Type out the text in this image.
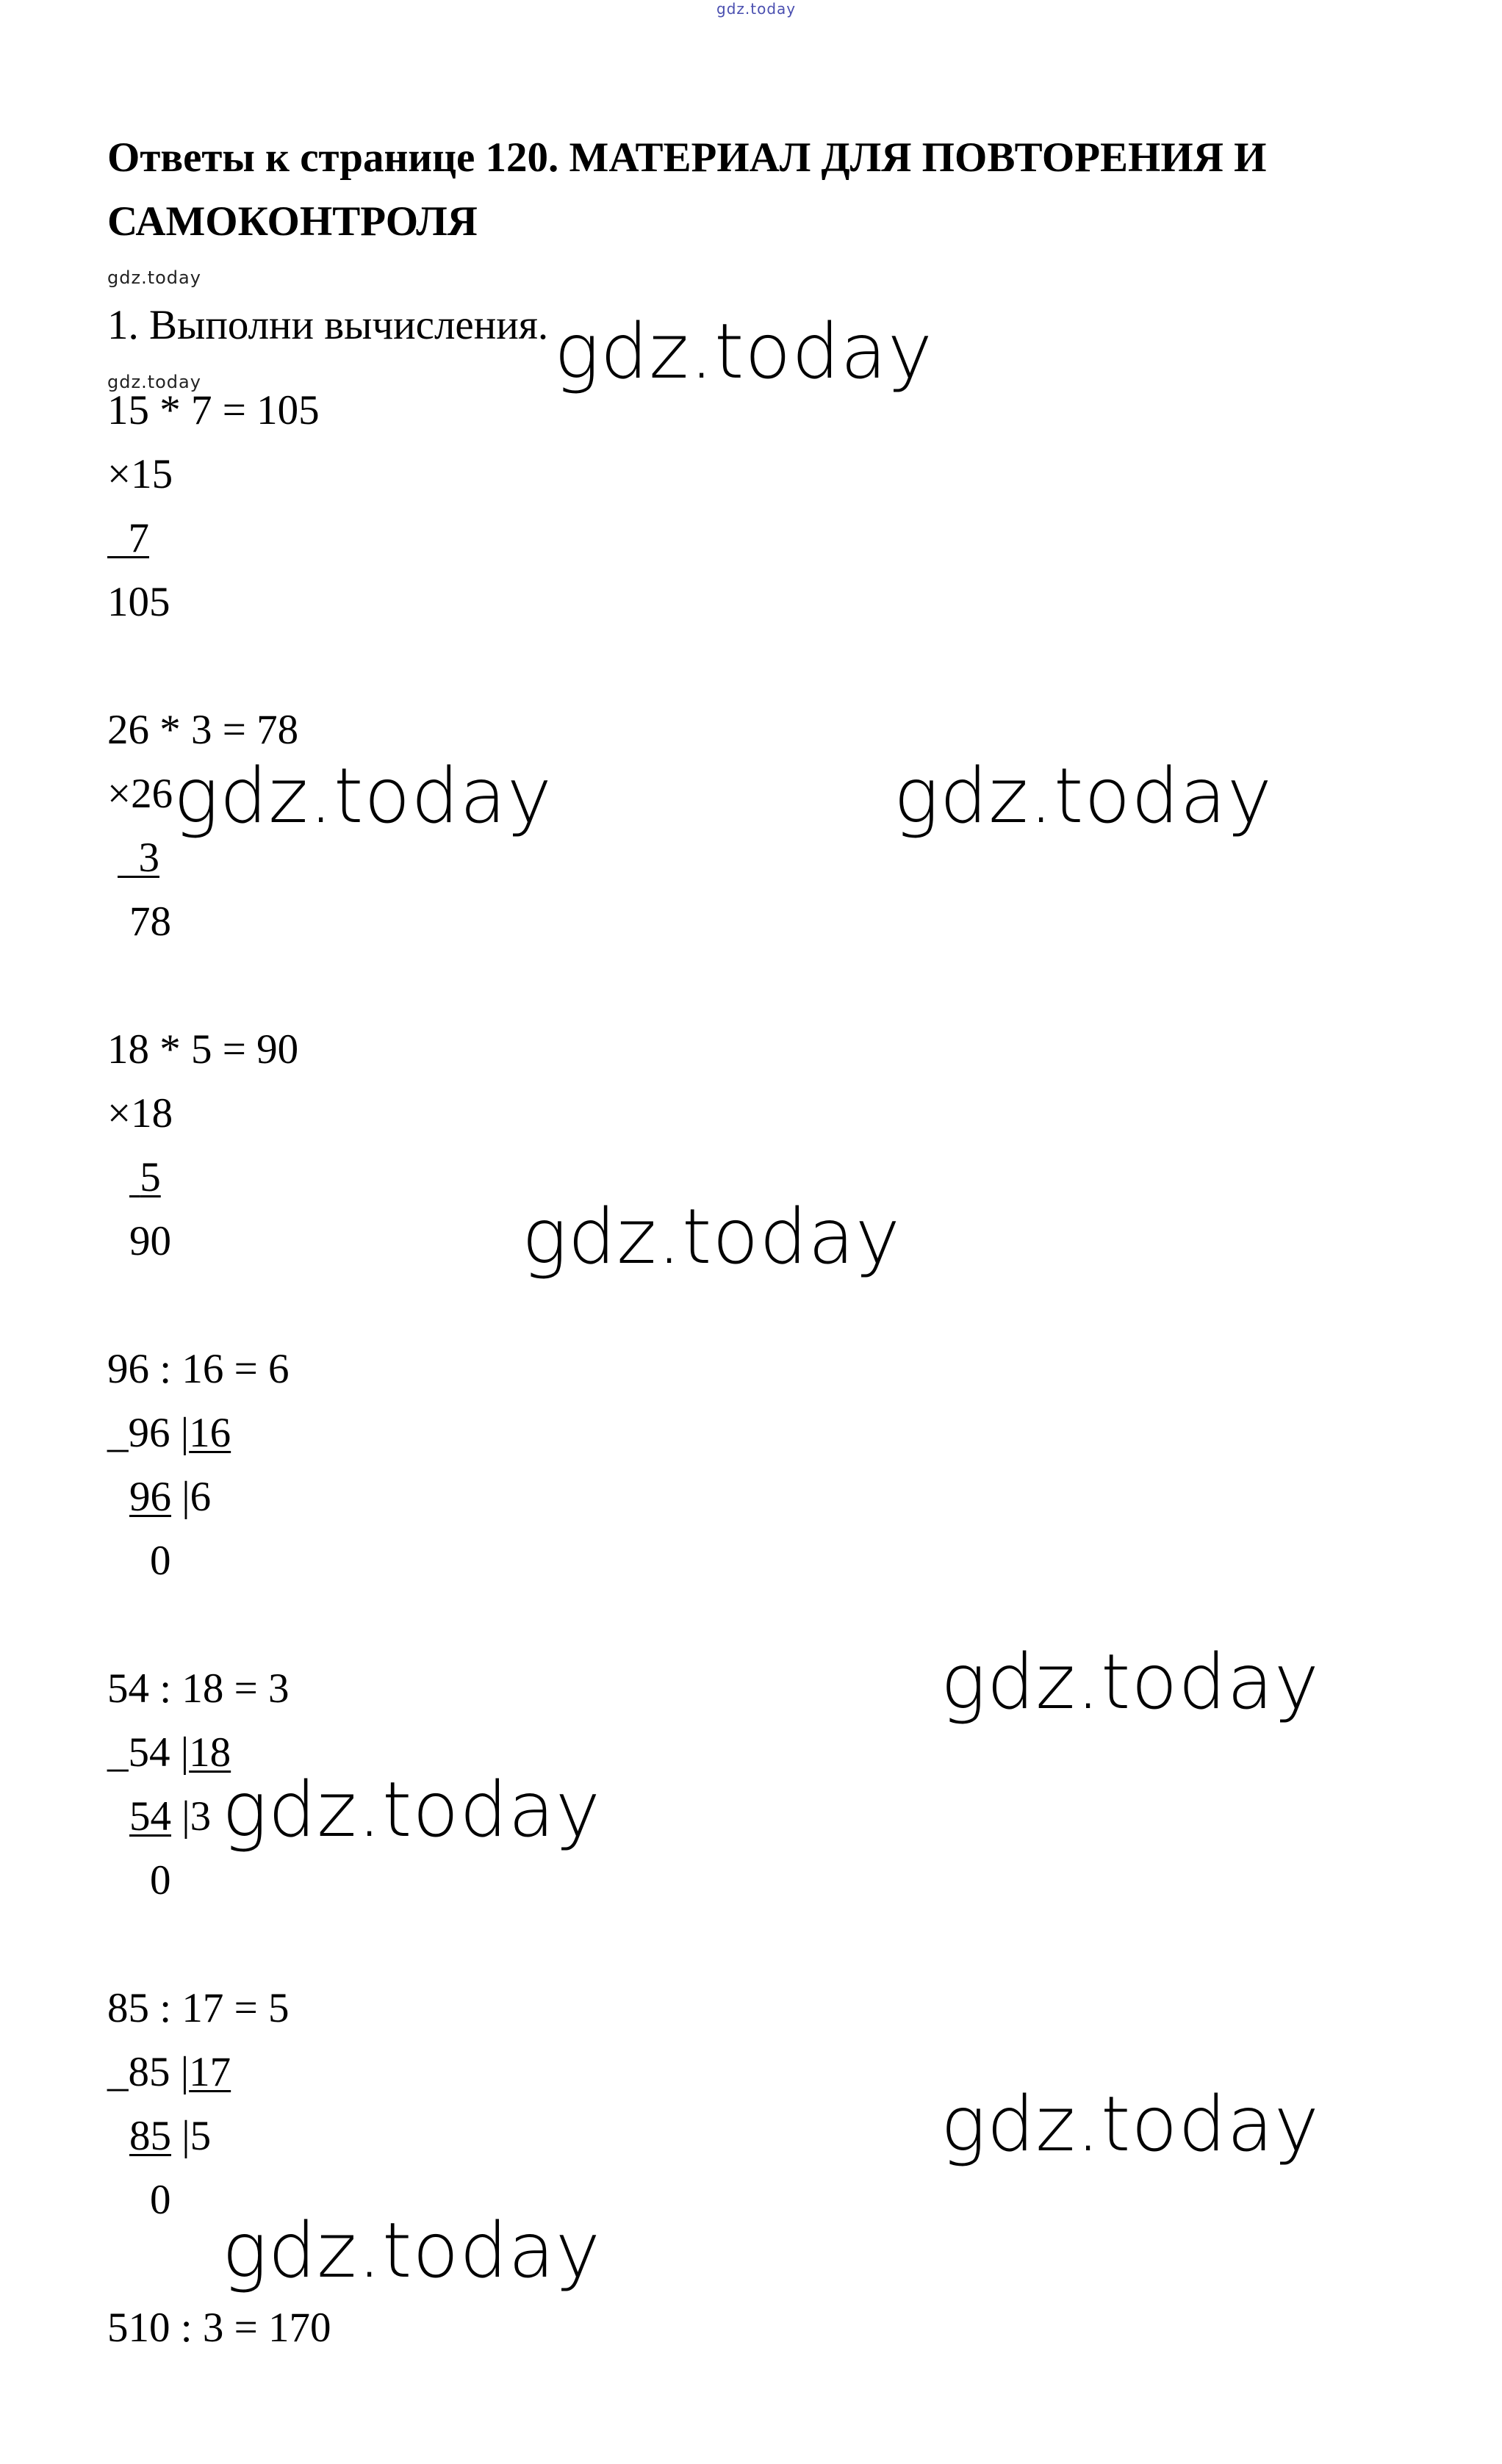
gdz.today
Ответы к странице 120. МАТЕРИАЛ ДЛЯ ПОВТОРЕНИЯ И
САМОКОНТРОЛЯ
gdz.today
1. Выполни вычисления. gdz.today
gdz.today
15 * 7 = 105
×15
7
105
26 * 3 = 78
×26 gdz.today	gdz.today
3
78
18 * 5 = 90
×18
5
90	gdz.today
96 : 16 = 6
_96 |16
96 |6
0
gdz.today
54 : 18 = 3
_54 |18
54 |3 gdz.today
0
85 : 17 = 5
_85 |17
gdz.today
85 |5
0
gdz.today
510 : 3 = 170
